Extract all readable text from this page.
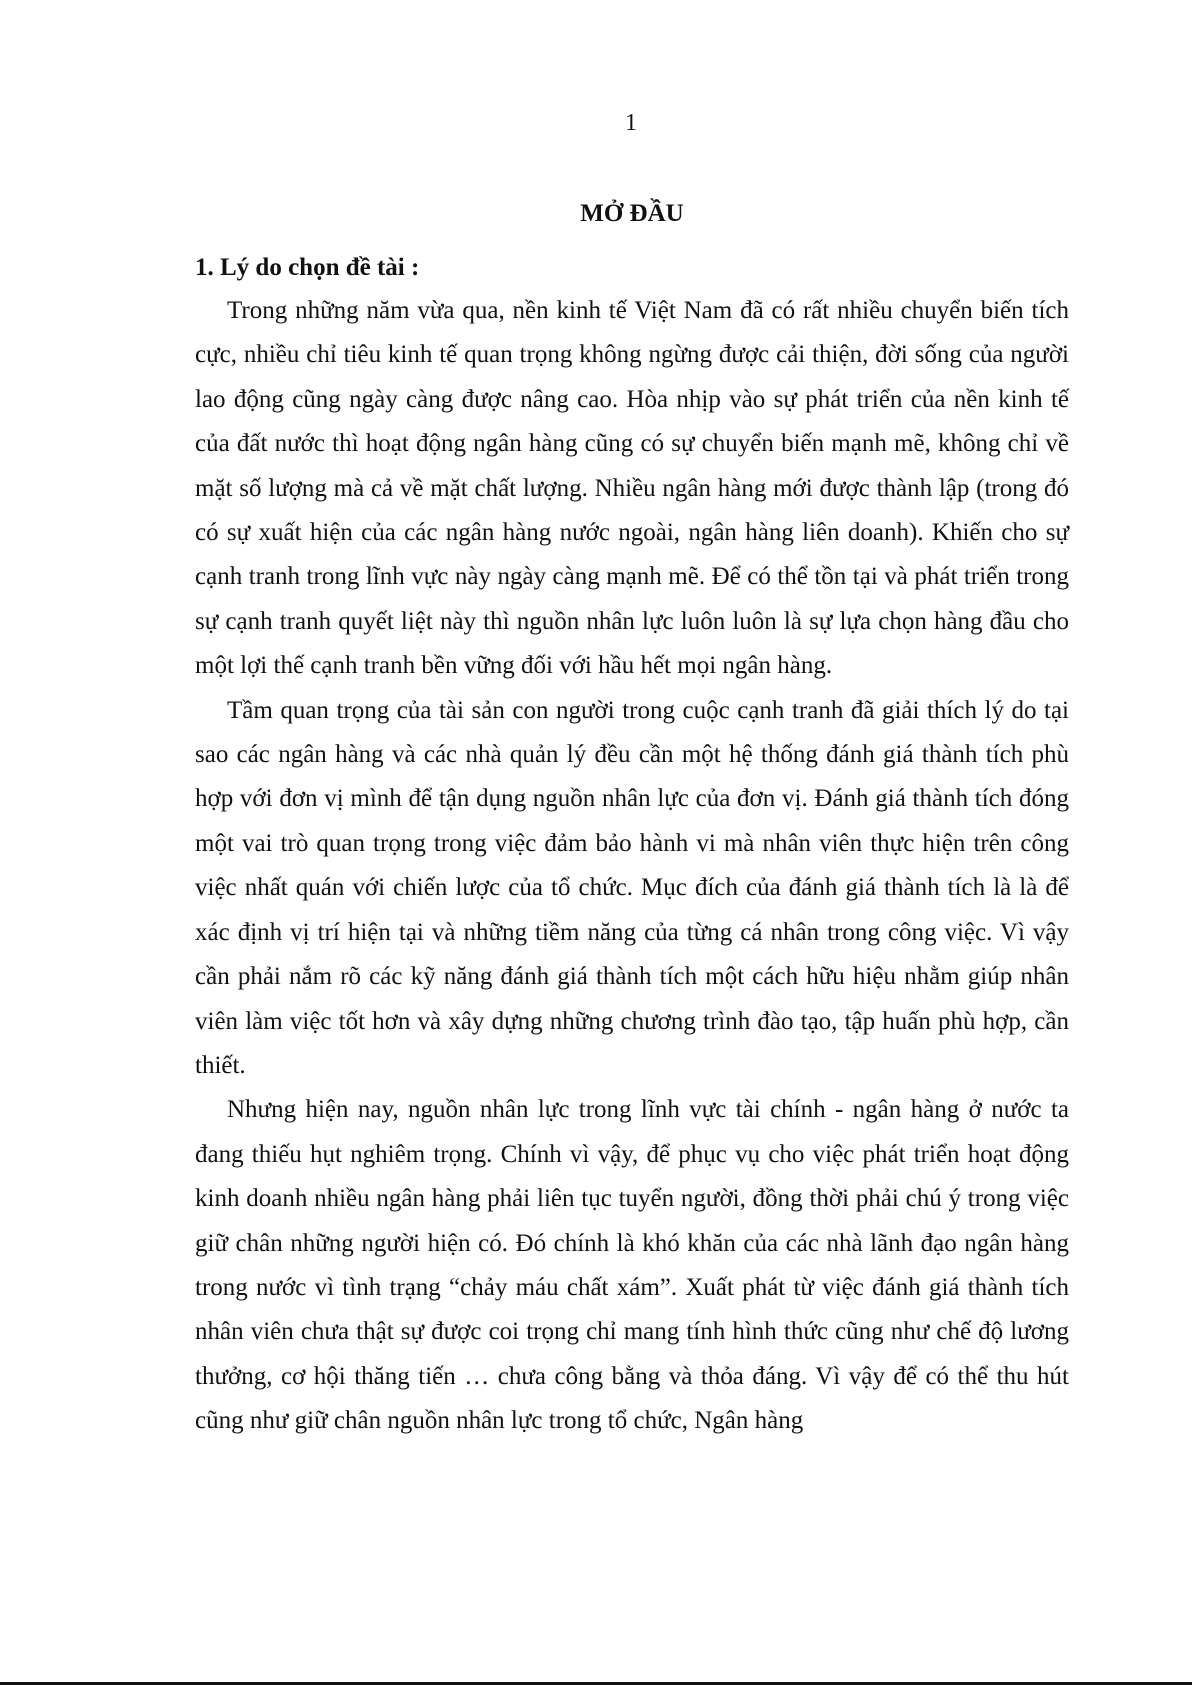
1
MỞ ĐẦU
1. Lý do chọn đề tài :

Trong những năm vừa qua, nền kinh tế Việt Nam đã có rất nhiều chuyển biến tích cực, nhiều chỉ tiêu kinh tế quan trọng không ngừng được cải thiện, đời sống của người lao động cũng ngày càng được nâng cao. Hòa nhịp vào sự phát triển của nền kinh tế của đất nước thì hoạt động ngân hàng cũng có sự chuyển biến mạnh mẽ, không chỉ về mặt số lượng mà cả về mặt chất lượng. Nhiều ngân hàng mới được thành lập (trong đó có sự xuất hiện của các ngân hàng nước ngoài, ngân hàng liên doanh). Khiến cho sự cạnh tranh trong lĩnh vực này ngày càng mạnh mẽ. Để có thể tồn tại và phát triển trong sự cạnh tranh quyết liệt này thì nguồn nhân lực luôn luôn là sự lựa chọn hàng đầu cho một lợi thế cạnh tranh bền vững đối với hầu hết mọi ngân hàng.

Tầm quan trọng của tài sản con người trong cuộc cạnh tranh đã giải thích lý do tại sao các ngân hàng và các nhà quản lý đều cần một hệ thống đánh giá thành tích phù hợp với đơn vị mình để tận dụng nguồn nhân lực của đơn vị. Đánh giá thành tích đóng một vai trò quan trọng trong việc đảm bảo hành vi mà nhân viên thực hiện trên công việc nhất quán với chiến lược của tổ chức. Mục đích của đánh giá thành tích là là để xác định vị trí hiện tại và những tiềm năng của từng cá nhân trong công việc. Vì vậy cần phải nắm rõ các kỹ năng đánh giá thành tích một cách hữu hiệu nhằm giúp nhân viên làm việc tốt hơn và xây dựng những chương trình đào tạo, tập huấn phù hợp, cần thiết.

Nhưng hiện nay, nguồn nhân lực trong lĩnh vực tài chính - ngân hàng ở nước ta đang thiếu hụt nghiêm trọng. Chính vì vậy, để phục vụ cho việc phát triển hoạt động kinh doanh nhiều ngân hàng phải liên tục tuyển người, đồng thời phải chú ý trong việc giữ chân những người hiện có. Đó chính là khó khăn của các nhà lãnh đạo ngân hàng trong nước vì tình trạng “chảy máu chất xám”. Xuất phát từ việc đánh giá thành tích nhân viên chưa thật sự được coi trọng chỉ mang tính hình thức cũng như chế độ lương thưởng, cơ hội thăng tiến … chưa công bằng và thỏa đáng. Vì vậy để có thể thu hút cũng như giữ chân nguồn nhân lực trong tổ chức, Ngân hàng
